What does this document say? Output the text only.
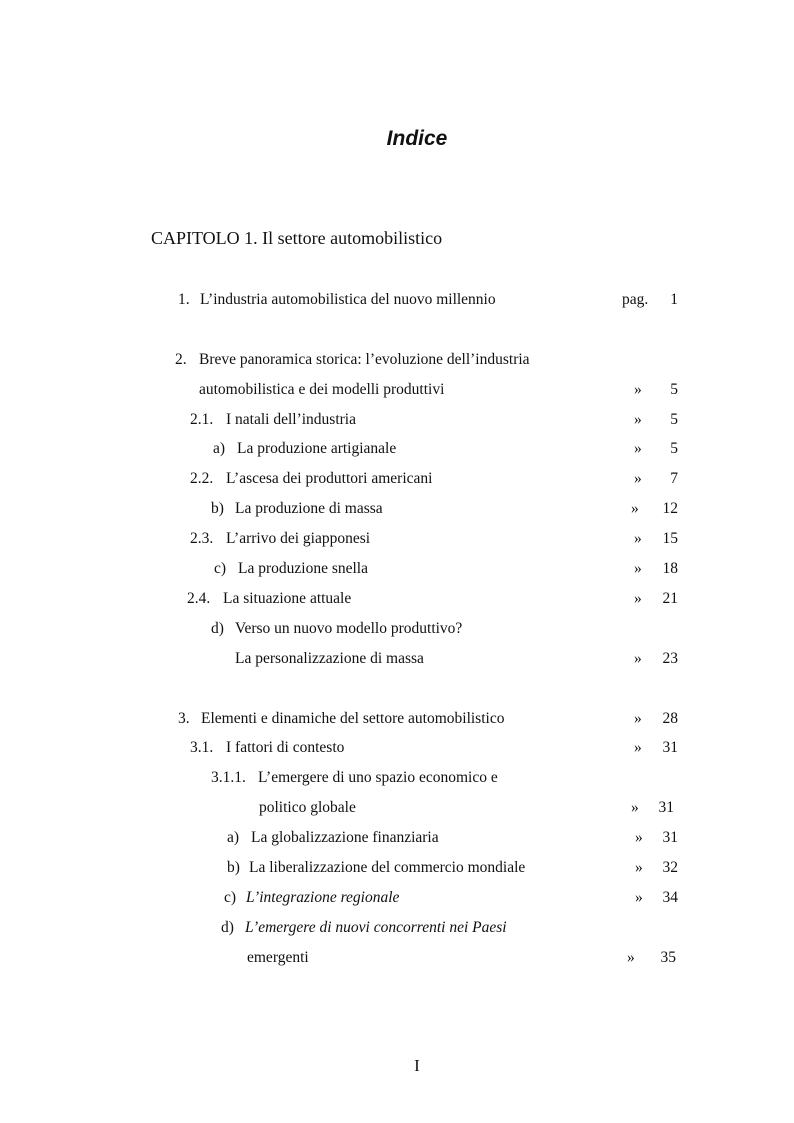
Indice
CAPITOLO 1. Il settore automobilistico
1. L’industria automobilistica del nuovo millennio	pag.	1
2. Breve panoramica storica: l’evoluzione dell’industria
automobilistica e dei modelli produttivi	»	5
2.1. I natali dell’industria	»	5
a) La produzione artigianale	»	5
2.2. L’ascesa dei produttori americani	»	7
b) La produzione di massa	»	12
2.3. L’arrivo dei giapponesi	»	15
c) La produzione snella	»	18
2.4. La situazione attuale	»	21
d) Verso un nuovo modello produttivo?
La personalizzazione di massa	»	23
3. Elementi e dinamiche del settore automobilistico	»	28
3.1. I fattori di contesto	»	31
3.1.1. L’emergere di uno spazio economico e
politico globale	»	31
a) La globalizzazione finanziaria	»	31
b) La liberalizzazione del commercio mondiale	»	32
c) L’integrazione regionale	»	34
d) L’emergere di nuovi concorrenti nei Paesi
emergenti	»	35
I
